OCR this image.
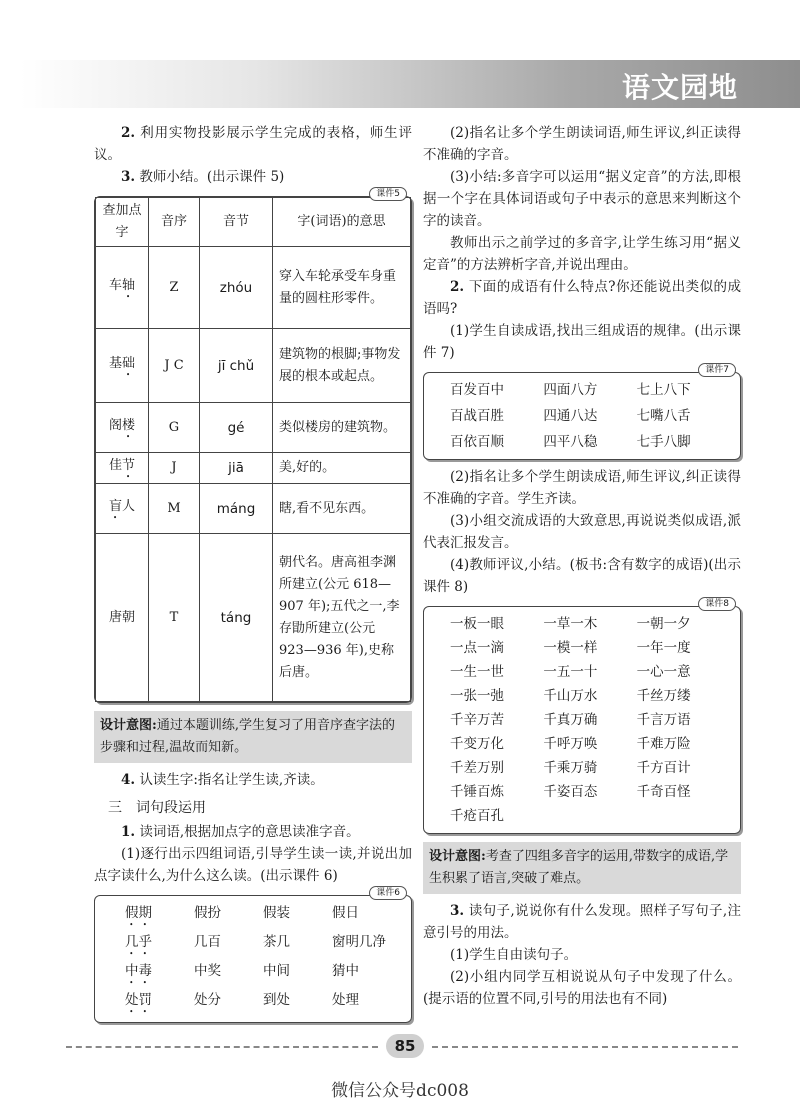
语文园地

2. 利用实物投影展示学生完成的表格，师生评议。

3. 教师小结。(出示课件 5)

课件5
查加点字	音序	音节	字(词语)的意思
车轴	Z	zhóu	穿入车轮承受车身重量的圆柱形零件。
基础	J C	jī chǔ	建筑物的根脚;事物发展的根本或起点。
阁楼	G	gé	类似楼房的建筑物。
佳节	J	jiā	美,好的。
盲人	M	máng	瞎,看不见东西。
唐朝	T	táng	朝代名。唐高祖李渊所建立(公元 618—907 年);五代之一,李存勖所建立(公元 923—936 年),史称后唐。
设计意图:通过本题训练,学生复习了用音序查字法的步骤和过程,温故而知新。

4. 认读生字:指名让学生读,齐读。

三　词句段运用

1. 读词语,根据加点字的意思读准字音。

(1)逐行出示四组词语,引导学生读一读,并说出加点字读什么,为什么这么读。(出示课件 6)

课件6
假期	假扮	假装	假日
几乎	几百	茶几	窗明几净
中毒	中奖	中间	猜中
处罚	处分	到处	处理

(2)指名让多个学生朗读词语,师生评议,纠正读得不准确的字音。

(3)小结:多音字可以运用“据义定音”的方法,即根据一个字在具体词语或句子中表示的意思来判断这个字的读音。

教师出示之前学过的多音字,让学生练习用“据义定音”的方法辨析字音,并说出理由。

2. 下面的成语有什么特点?你还能说出类似的成语吗?

(1)学生自读成语,找出三组成语的规律。(出示课件 7)

课件7
百发百中	四面八方	七上八下
百战百胜	四通八达	七嘴八舌
百依百顺	四平八稳	七手八脚

(2)指名让多个学生朗读成语,师生评议,纠正读得不准确的字音。学生齐读。

(3)小组交流成语的大致意思,再说说类似成语,派代表汇报发言。

(4)教师评议,小结。(板书:含有数字的成语)(出示课件 8)

课件8
一板一眼	一草一木	一朝一夕
一点一滴	一模一样	一年一度
一生一世	一五一十	一心一意
一张一弛	千山万水	千丝万缕
千辛万苦	千真万确	千言万语
千变万化	千呼万唤	千难万险
千差万别	千乘万骑	千方百计
千锤百炼	千姿百态	千奇百怪
千疮百孔
设计意图:考查了四组多音字的运用,带数字的成语,学生积累了语言,突破了难点。

3. 读句子,说说你有什么发现。照样子写句子,注意引号的用法。

(1)学生自由读句子。

(2)小组内同学互相说说从句子中发现了什么。(提示语的位置不同,引号的用法也有不同)

85
微信公众号dc008
